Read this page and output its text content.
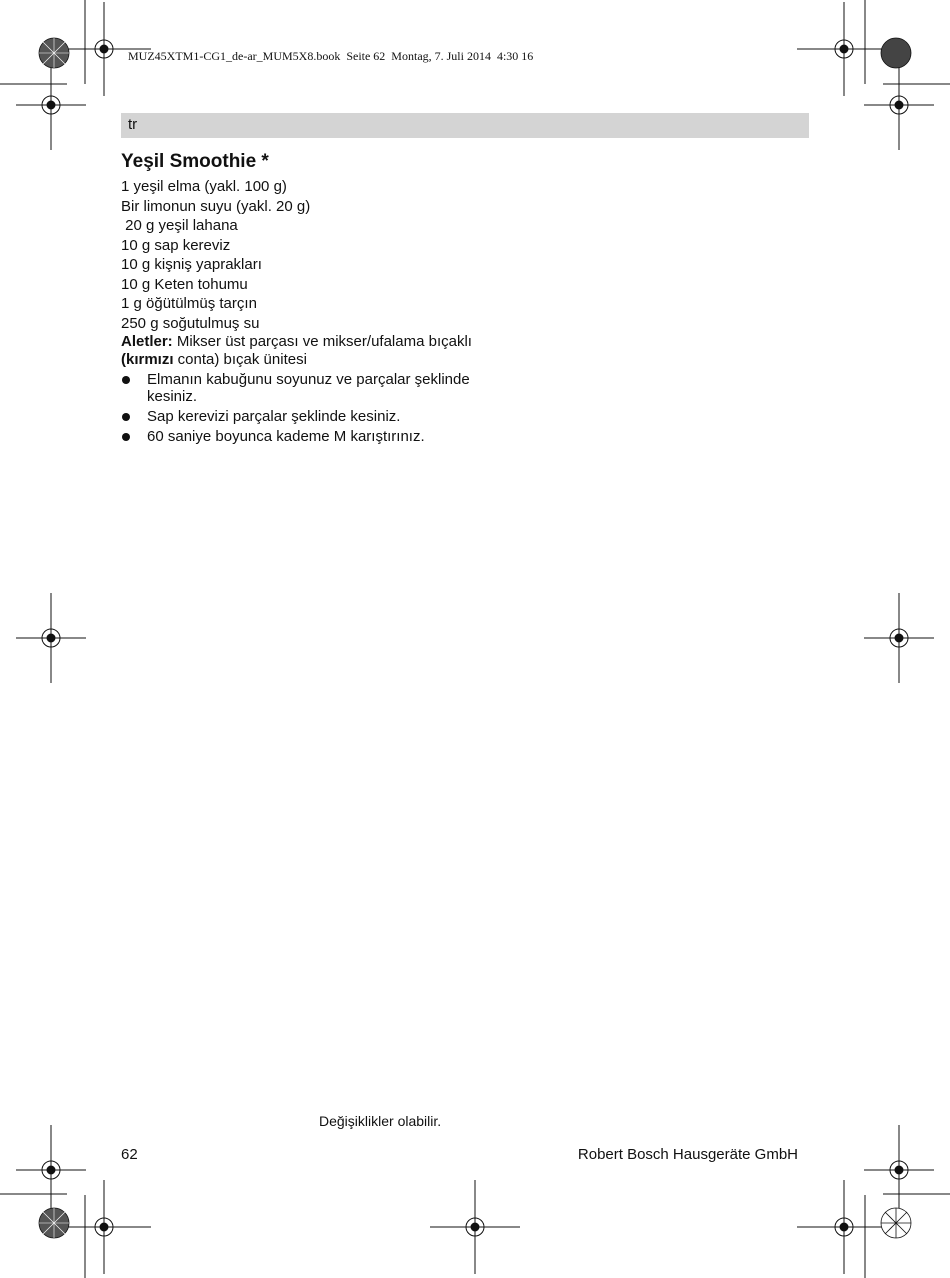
MUZ45XTM1-CG1_de-ar_MUM5X8.book  Seite 62  Montag, 7. Juli 2014  4:30 16
tr
Yeşil Smoothie *

1 yeşil elma (yakl. 100 g)

Bir limonun suyu (yakl. 20 g)

20 g yeşil lahana

10 g sap kereviz

10 g kişniş yaprakları

10 g Keten tohumu

1 g öğütülmüş tarçın

250 g soğutulmuş su

Aletler: Mikser üst parçası ve mikser/ufalama bıçaklı (kırmızı conta) bıçak ünitesi

Elmanın kabuğunu soyunuz ve parçalar şeklinde kesiniz.
Sap kerevizi parçalar şeklinde kesiniz.
60 saniye boyunca kademe M karıştırınız.
Değişiklikler olabilir.
62	Robert Bosch Hausgeräte GmbH
